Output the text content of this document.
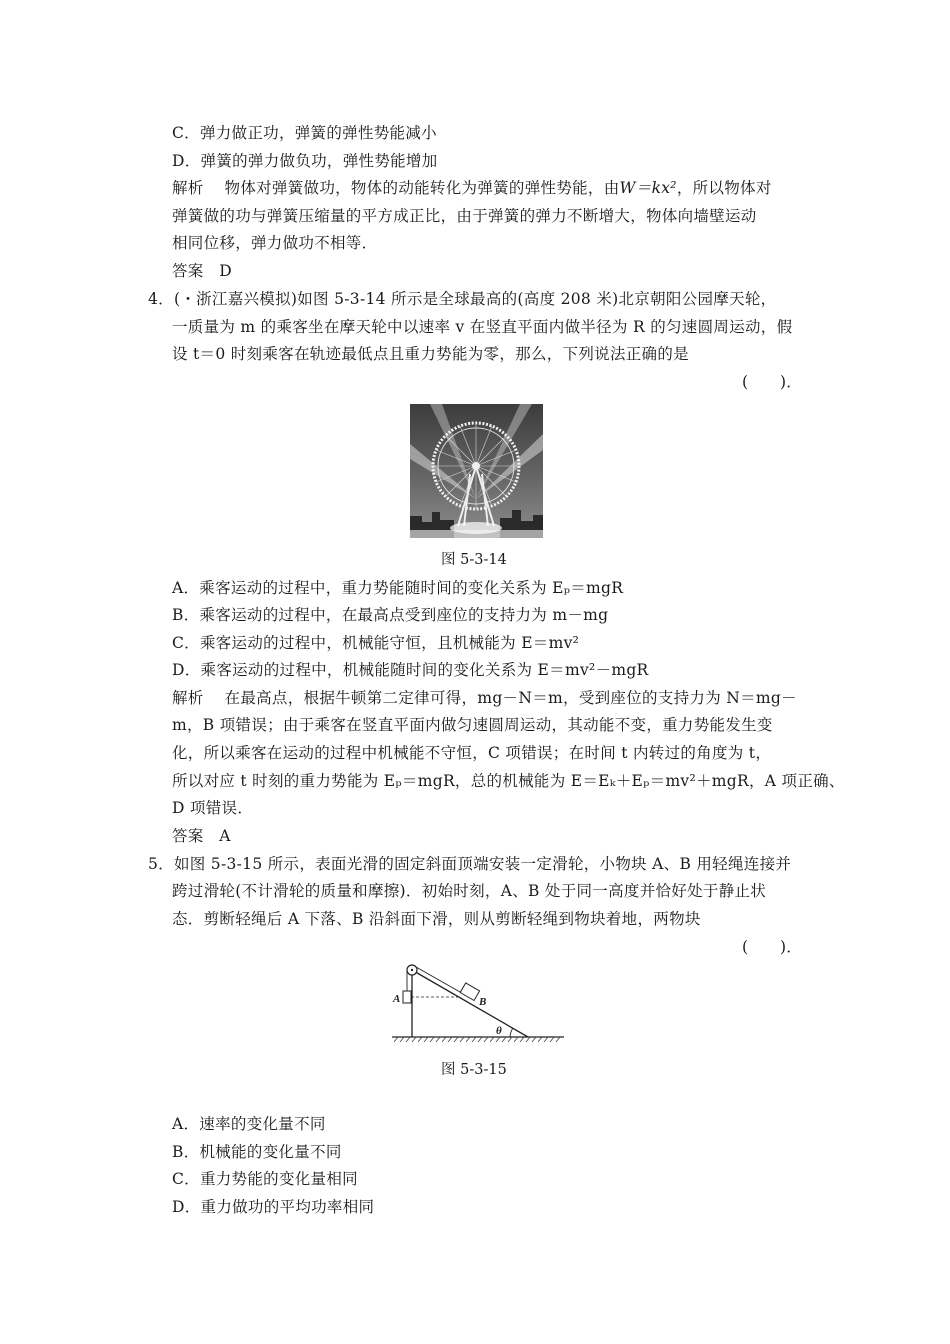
C．弹力做正功，弹簧的弹性势能减小
D．弹簧的弹力做负功，弹性势能增加
解析 物体对弹簧做功，物体的动能转化为弹簧的弹性势能，由W＝kx²，所以物体对
弹簧做的功与弹簧压缩量的平方成正比，由于弹簧的弹力不断增大，物体向墙壁运动
相同位移，弹力做功不相等．
答案 D
4．(・浙江嘉兴模拟)如图 5-3-14 所示是全球最高的(高度 208 米)北京朝阳公园摩天轮，
一质量为 m 的乘客坐在摩天轮中以速率 v 在竖直平面内做半径为 R 的匀速圆周运动，假
设 t＝0 时刻乘客在轨迹最低点且重力势能为零，那么，下列说法正确的是
(　　)．
图 5-3-14
A．乘客运动的过程中，重力势能随时间的变化关系为 Eₚ＝mgR
B．乘客运动的过程中，在最高点受到座位的支持力为 m－mg
C．乘客运动的过程中，机械能守恒，且机械能为 E＝mv²
D．乘客运动的过程中，机械能随时间的变化关系为 E＝mv²－mgR
解析 在最高点，根据牛顿第二定律可得，mg－N＝m，受到座位的支持力为 N＝mg－
m，B 项错误；由于乘客在竖直平面内做匀速圆周运动，其动能不变，重力势能发生变
化，所以乘客在运动的过程中机械能不守恒，C 项错误；在时间 t 内转过的角度为 t，
所以对应 t 时刻的重力势能为 Eₚ＝mgR，总的机械能为 E＝Eₖ＋Eₚ＝mv²＋mgR，A 项正确、
D 项错误．
答案 A
5．如图 5-3-15 所示，表面光滑的固定斜面顶端安装一定滑轮，小物块 A、B 用轻绳连接并
跨过滑轮(不计滑轮的质量和摩擦)．初始时刻，A、B 处于同一高度并恰好处于静止状
态．剪断轻绳后 A 下落、B 沿斜面下滑，则从剪断轻绳到物块着地，两物块
(　　)．
θ
A	B
图 5-3-15
A．速率的变化量不同
B．机械能的变化量不同
C．重力势能的变化量相同
D．重力做功的平均功率相同
